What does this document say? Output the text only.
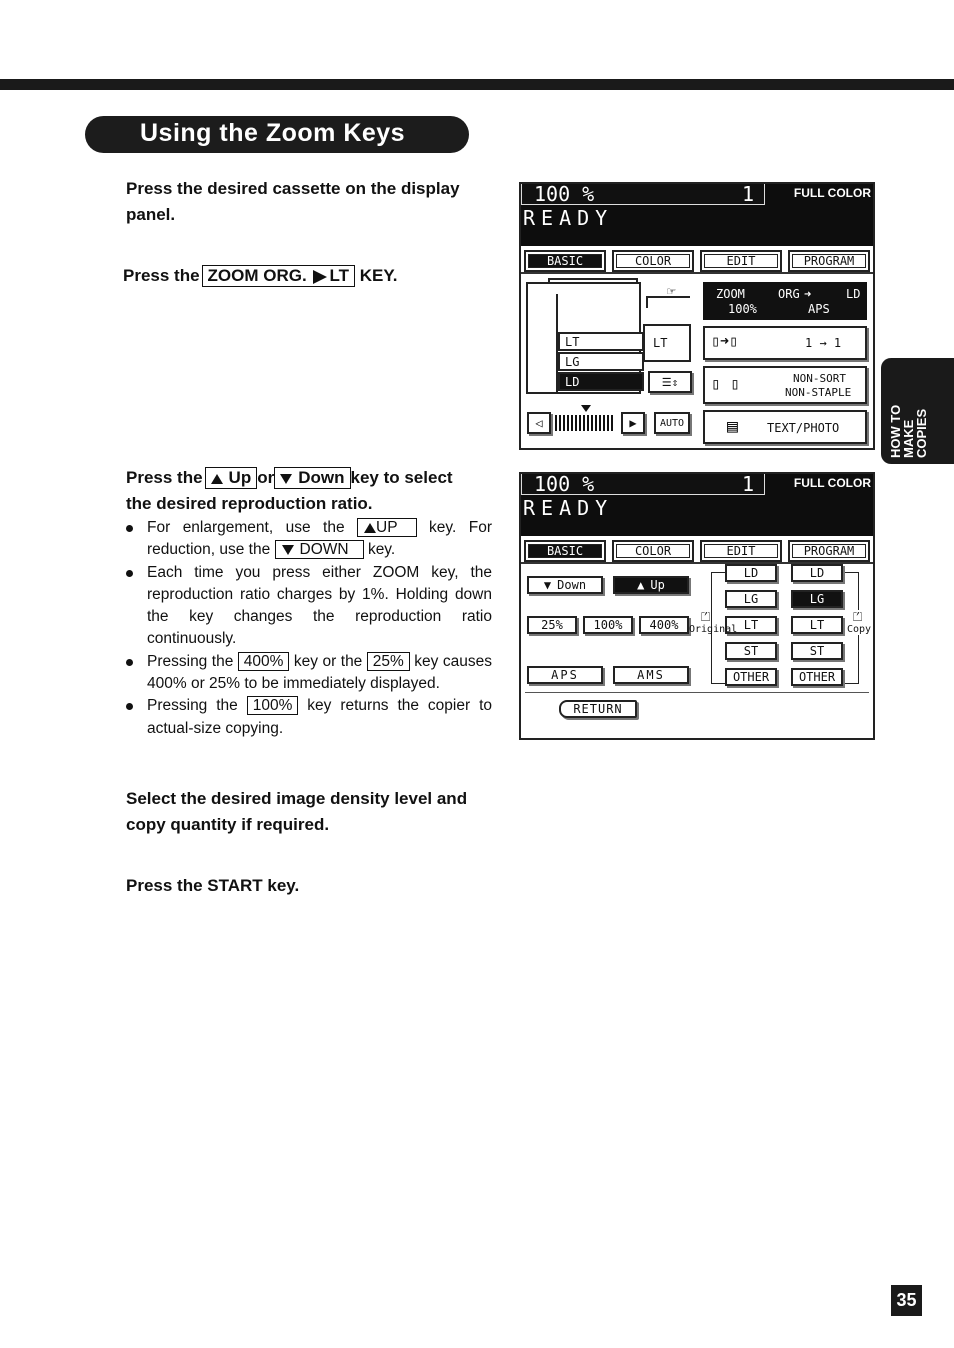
Using the Zoom Keys
Press the desired cassette on the display panel.
Press the ZOOM ORG. LT KEY.
Press the Up or Down key to select
the desired reproduction ratio.
For enlargement, use the UP key. For reduction, use the DOWN key.
Each time you press either ZOOM key, the reproduction ratio charges by 1%. Holding down the key changes the reproduction ratio continuously.
Pressing the 400% key or the 25% key causes 400% or 25% to be immediately displayed.
Pressing the 100% key returns the copier to actual-size copying.
Select the desired image density level and copy quantity if required.
Press the START key.
100 %	1	FULL COLOR
READY
BASIC	COLOR	EDIT	PROGRAM
LT
LG
LD
LT
☞
☰⇕
ZOOM
100%
ORG ➜	LD
APS
▯➜▯	1 → 1
▯ ▯	NON-SORT
NON-STAPLE
▤ TEXT/PHOTO
◁	▶	AUTO
100 %	1	FULL COLOR
READY
BASIC	COLOR	EDIT	PROGRAM
▼ Down	▲ Up
25%	100%	400%
APS	AMS
LD
LG
LT
ST
OTHER
⏍
Original
LD
LG
LT
ST
OTHER
⏍
Copy
RETURN
HOW TO
MAKE
COPIES
35
